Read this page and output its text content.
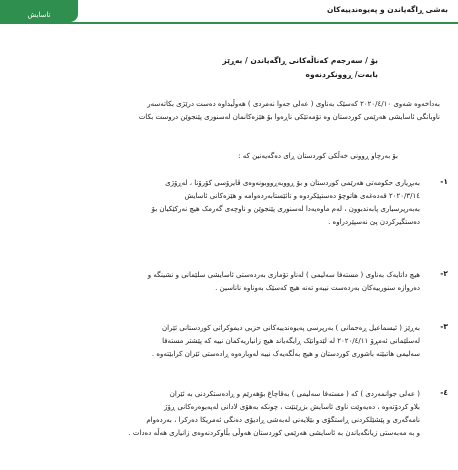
تاسایش
بەشی ڕاگەیاندن و پەیوەندییەکان
بۆ / سەرجەم کەناڵەکانی ڕاگەیاندن / بەڕێز
بابەت/ ڕوونکردنەوە
بەداخەوە شەوی ٢٠٢٠/٤/١٠ کەسێک بەناوی ( عەلی جەوا نەمردی ) هەوڵیداوە دەست درێژی بکاتەسەر
ناوبانگی ئاسایشی هەرێمی کوردستان وە تۆمەتێکی ناڕەوا بۆ هێزەکانمان لەسنوری پێنجوێن دروست بکات
بۆ بەرچاو ڕوونی خەڵکی کوردستان ڕای دەگەیەنین کە :
١-
بەبڕیاری حکومەتی هەرێمی کوردستان و بۆ ڕووبەڕووبونەوەی ڤایرۆسی کۆرۆنا ، لەڕۆژی
٢٠٢٠/٣/١٤ قەدەغەی هاتوچۆ دەستپێکردوە و تائێستابەردەوامە و هێزەکانی ئاسایش
بەبەرپرسیاری پابەندبوون ، لەم ماوەیەدا لەسنوری پێنجوێن و ناوچەی گەرمک هیچ نەرکێکیان بۆ
دەستگیرکردن پێ نەسپێردراوە .
٢-
هیچ داتایەک بەناوی ( مستەفا سەلیمی ) لەناو تۆماری بەردەستی ئاسایشی سلێمانی و نشینگە و
دەروازە سنورییەکان بەردەست نییەو تەنە هیچ کەسێک بەوناوە ناناسین .
٣-
بەڕێز ( ئیسماعیل ڕەحمانی ) بەرپرسی پەیوەندییەکانی حزبی دیموکراتی کوردستانی ئێران
لەسلێمانی ئەمڕۆ ٢٠٢٠/٤/١١ لە لێدوانێک ڕایگەیاند هیچ زانیاریەکمان نییە کە پێشتر مستەفا
سەلیمی هاتبێتە باشوری کوردستان و هیچ بەڵگەیەک نییە لەوبارەوە ڕادەستی ئێران کرابێتەوە .
٤-
( عەلی جوانمەردی ) کە ( مستەفا سەلیمی ) بەقاچاغ بۆهەرێم و ڕادەستکردنی بە ئێران
بلاو کردۆتەوە ، دەیەوێت ناوی ئاسایش بزڕێنێت ، چونکە بەهۆی لادانی لەپەیوەرەکانی ڕۆژ
نامەگەری و پێشێلکردنی ڕاستگۆی و بێلایەنی لەبەشی ڕادیۆی دەنگی ئەمریکا دەرکرا ، بەردەوام
و بە مەبەستی زیانگەیاندن بە ئاسایشی هەرێمی کوردستان هەوڵی بڵاوکردنەوەی زانیاری هەڵە دەدات .
